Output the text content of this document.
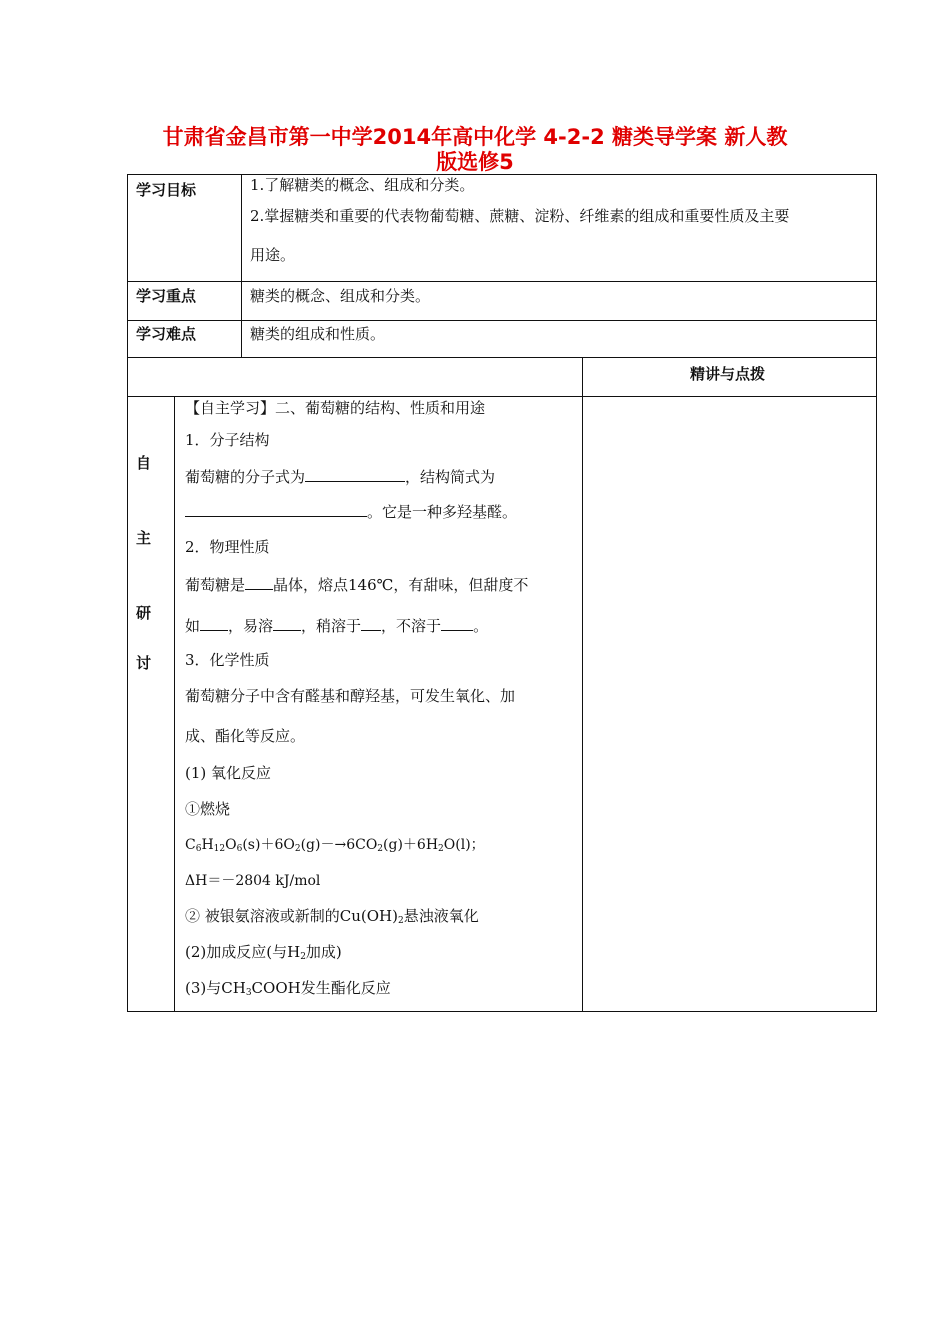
甘肃省金昌市第一中学2014年高中化学 4-2-2 糖类导学案 新人教
版选修5
学习目标	1.了解糖类的概念、组成和分类。
2.掌握糖类和重要的代表物葡萄糖、蔗糖、淀粉、纤维素的组成和重要性质及主要
用途。
学习重点	糖类的概念、组成和分类。
学习难点	糖类的组成和性质。
精讲与点拨
自
主
研
讨
【自主学习】二、葡萄糖的结构、性质和用途
1．分子结构
葡萄糖的分子式为	，结构简式为
。它是一种多羟基醛。
2．物理性质
葡萄糖是 晶体，熔点146℃，有甜味，但甜度不
如 ，易溶 ，稍溶于 ，不溶于 。
3．化学性质
葡萄糖分子中含有醛基和醇羟基，可发生氧化、加
成、酯化等反应。
(1) 氧化反应
①燃烧
$C_6H_{12}O_6(s)+6O_2(g)-\to 6CO_2(g)+6H_2O(l)$；
ΔH＝－2804 kJ/mol
② 被银氨溶液或新制的$Cu(OH)_2$悬浊液氧化
(2)加成反应(与$H_2$加成)
(3)与$CH_3COOH$发生酯化反应
